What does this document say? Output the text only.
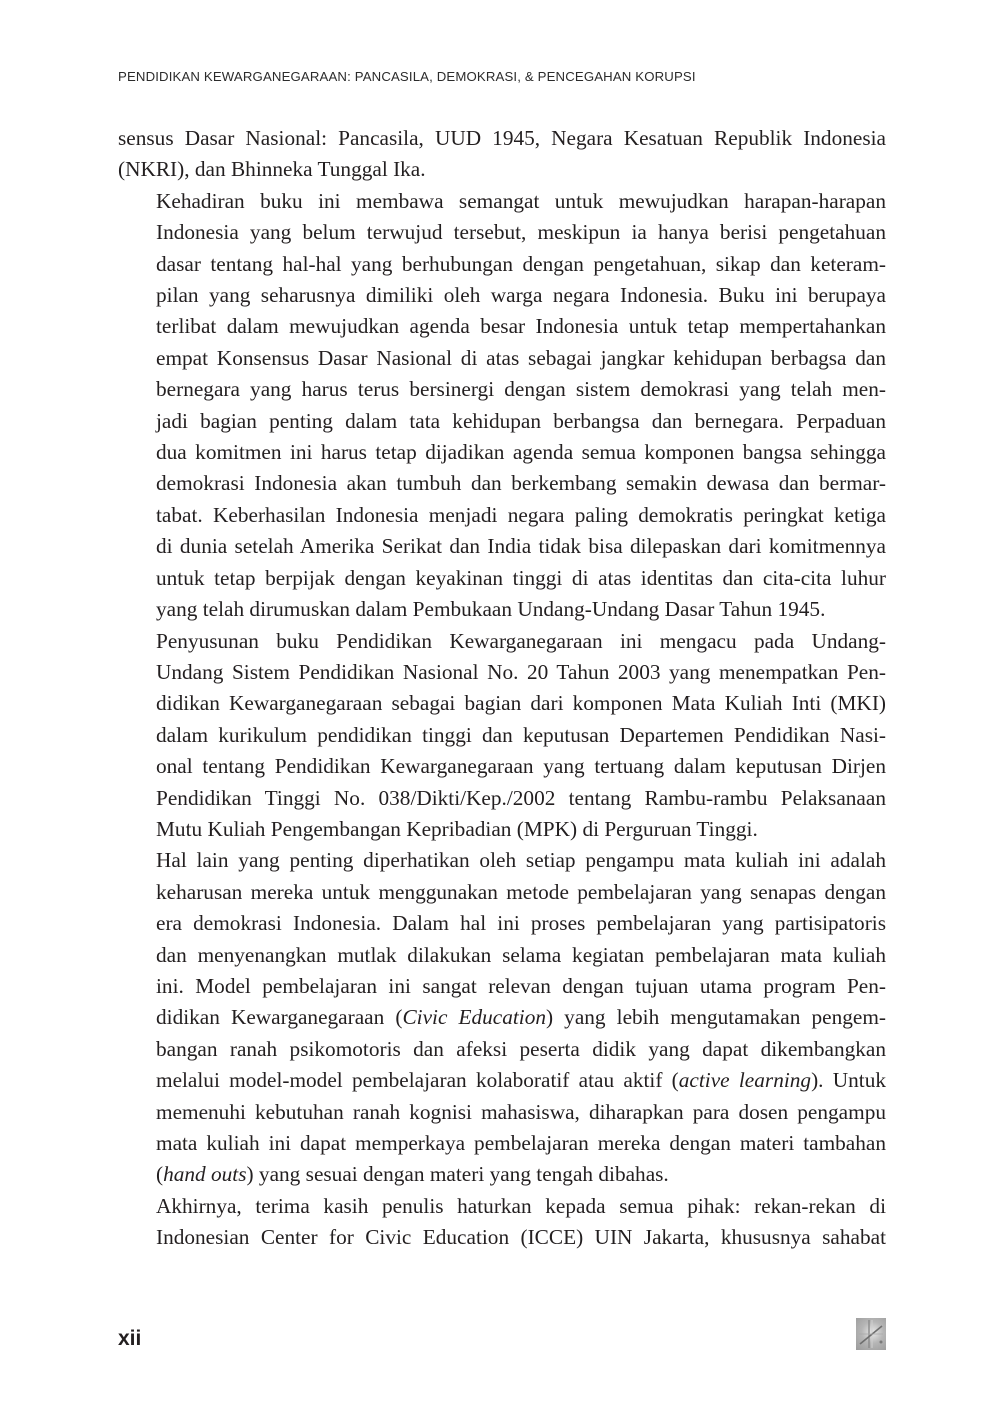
PENDIDIKAN KEWARGANEGARAAN: PANCASILA, DEMOKRASI, & PENCEGAHAN KORUPSI

sensus Dasar Nasional: Pancasila, UUD 1945, Negara Kesatuan Republik Indonesia
(NKRI), dan Bhinneka Tunggal Ika.

Kehadiran buku ini membawa semangat untuk mewujudkan harapan-harapan
Indonesia yang belum terwujud tersebut, meskipun ia hanya berisi pengetahuan
dasar tentang hal-hal yang berhubungan dengan pengetahuan, sikap dan keteram-
pilan yang seharusnya dimiliki oleh warga negara Indonesia. Buku ini berupaya
terlibat dalam mewujudkan agenda besar Indonesia untuk tetap mempertahankan
empat Konsensus Dasar Nasional di atas sebagai jangkar kehidupan berbagsa dan
bernegara yang harus terus bersinergi dengan sistem demokrasi yang telah men-
jadi bagian penting dalam tata kehidupan berbangsa dan bernegara. Perpaduan
dua komitmen ini harus tetap dijadikan agenda semua komponen bangsa sehingga
demokrasi Indonesia akan tumbuh dan berkembang semakin dewasa dan bermar-
tabat. Keberhasilan Indonesia menjadi negara paling demokratis peringkat ketiga
di dunia setelah Amerika Serikat dan India tidak bisa dilepaskan dari komitmennya
untuk tetap berpijak dengan keyakinan tinggi di atas identitas dan cita-cita luhur
yang telah dirumuskan dalam Pembukaan Undang-Undang Dasar Tahun 1945.

Penyusunan buku Pendidikan Kewarganegaraan ini mengacu pada Undang-
Undang Sistem Pendidikan Nasional No. 20 Tahun 2003 yang menempatkan Pen-
didikan Kewarganegaraan sebagai bagian dari komponen Mata Kuliah Inti (MKI)
dalam kurikulum pendidikan tinggi dan keputusan Departemen Pendidikan Nasi-
onal tentang Pendidikan Kewarganegaraan yang tertuang dalam keputusan Dirjen
Pendidikan Tinggi No. 038/Dikti/Kep./2002 tentang Rambu-rambu Pelaksanaan
Mutu Kuliah Pengembangan Kepribadian (MPK) di Perguruan Tinggi.

Hal lain yang penting diperhatikan oleh setiap pengampu mata kuliah ini adalah
keharusan mereka untuk menggunakan metode pembelajaran yang senapas dengan
era demokrasi Indonesia. Dalam hal ini proses pembelajaran yang partisipatoris
dan menyenangkan mutlak dilakukan selama kegiatan pembelajaran mata kuliah
ini. Model pembelajaran ini sangat relevan dengan tujuan utama program Pen-
didikan Kewarganegaraan (Civic Education) yang lebih mengutamakan pengem-
bangan ranah psikomotoris dan afeksi peserta didik yang dapat dikembangkan
melalui model-model pembelajaran kolaboratif atau aktif (active learning). Untuk
memenuhi kebutuhan ranah kognisi mahasiswa, diharapkan para dosen pengampu
mata kuliah ini dapat memperkaya pembelajaran mereka dengan materi tambahan
(hand outs) yang sesuai dengan materi yang tengah dibahas.

Akhirnya, terima kasih penulis haturkan kepada semua pihak: rekan-rekan di
Indonesian Center for Civic Education (ICCE) UIN Jakarta, khususnya sahabat

xii
